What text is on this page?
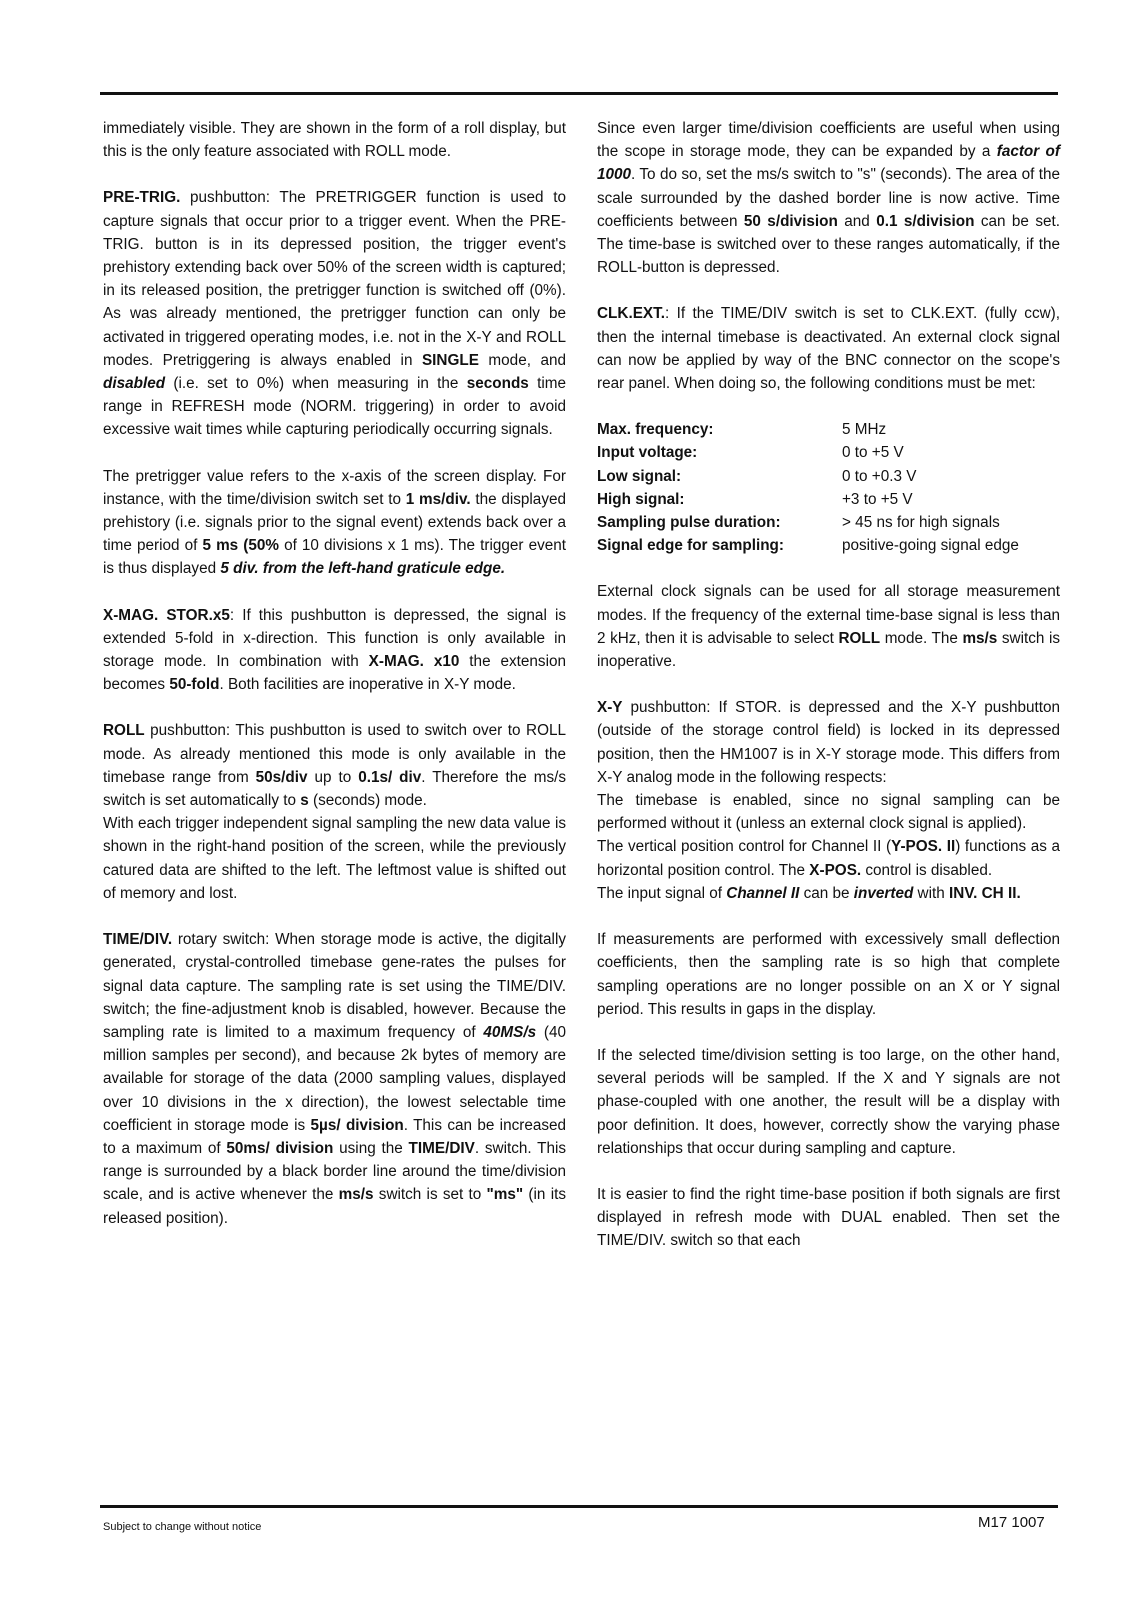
immediately visible. They are shown in the form of a roll display, but this is the only feature associated with ROLL mode.

PRE-TRIG. pushbutton: The PRETRIGGER function is used to capture signals that occur prior to a trigger event. When the PRE-TRIG. button is in its depressed position, the trigger event's prehistory extending back over 50% of the screen width is captured; in its released position, the pretrigger function is switched off (0%). As was already mentioned, the pretrigger function can only be activated in triggered operating modes, i.e. not in the X-Y and ROLL modes. Pretriggering is always enabled in SINGLE mode, and disabled (i.e. set to 0%) when measuring in the seconds time range in REFRESH mode (NORM. triggering) in order to avoid excessive wait times while capturing periodically occurring signals.

The pretrigger value refers to the x-axis of the screen display. For instance, with the time/division switch set to 1 ms/div. the displayed prehistory (i.e. signals prior to the signal event) extends back over a time period of 5 ms (50% of 10 divisions x 1 ms). The trigger event is thus displayed 5 div. from the left-hand graticule edge.

X-MAG. STOR.x5: If this pushbutton is depressed, the signal is extended 5-fold in x-direction. This function is only available in storage mode. In combination with X-MAG. x10 the extension becomes 50-fold. Both facilities are inoperative in X-Y mode.

ROLL pushbutton: This pushbutton is used to switch over to ROLL mode. As already mentioned this mode is only available in the timebase range from 50s/div up to 0.1s/ div. Therefore the ms/s switch is set automatically to s (seconds) mode.

With each trigger independent signal sampling the new data value is shown in the right-hand position of the screen, while the previously catured data are shifted to the left. The leftmost value is shifted out of memory and lost.

TIME/DIV. rotary switch: When storage mode is active, the digitally generated, crystal-controlled timebase gene-rates the pulses for signal data capture. The sampling rate is set using the TIME/DIV. switch; the fine-adjustment knob is disabled, however. Because the sampling rate is limited to a maximum frequency of 40MS/s (40 million samples per second), and because 2k bytes of memory are available for storage of the data (2000 sampling values, displayed over 10 divisions in the x direction), the lowest selectable time coefficient in storage mode is 5µs/ division. This can be increased to a maximum of 50ms/ division using the TIME/DIV. switch. This range is surrounded by a black border line around the time/division scale, and is active whenever the ms/s switch is set to "ms" (in its released position).

Since even larger time/division coefficients are useful when using the scope in storage mode, they can be expanded by a factor of 1000. To do so, set the ms/s switch to "s" (seconds). The area of the scale surrounded by the dashed border line is now active. Time coefficients between 50 s/division and 0.1 s/division can be set. The time-base is switched over to these ranges automatically, if the ROLL-button is depressed.

CLK.EXT.: If the TIME/DIV switch is set to CLK.EXT. (fully ccw), then the internal timebase is deactivated. An external clock signal can now be applied by way of the BNC connector on the scope's rear panel. When doing so, the following conditions must be met:

Max. frequency:	5 MHz
Input voltage:	0 to +5 V
Low signal:	0 to +0.3 V
High signal:	+3 to +5 V
Sampling pulse duration:	> 45 ns for high signals
Signal edge for sampling:	positive-going signal edge

External clock signals can be used for all storage measurement modes. If the frequency of the external time-base signal is less than 2 kHz, then it is advisable to select ROLL mode. The ms/s switch is inoperative.

X-Y pushbutton: If STOR. is depressed and the X-Y pushbutton (outside of the storage control field) is locked in its depressed position, then the HM1007 is in X-Y storage mode. This differs from X-Y analog mode in the following respects:

The timebase is enabled, since no signal sampling can be performed without it (unless an external clock signal is applied).

The vertical position control for Channel II (Y-POS. II) functions as a horizontal position control. The X-POS. control is disabled.

The input signal of Channel II can be inverted with INV. CH II.

If measurements are performed with excessively small deflection coefficients, then the sampling rate is so high that complete sampling operations are no longer possible on an X or Y signal period. This results in gaps in the display.

If the selected time/division setting is too large, on the other hand, several periods will be sampled. If the X and Y signals are not phase-coupled with one another, the result will be a display with poor definition. It does, however, correctly show the varying phase relationships that occur during sampling and capture.

It is easier to find the right time-base position if both signals are first displayed in refresh mode with DUAL enabled. Then set the TIME/DIV. switch so that each

Subject to change without notice	M17 1007
